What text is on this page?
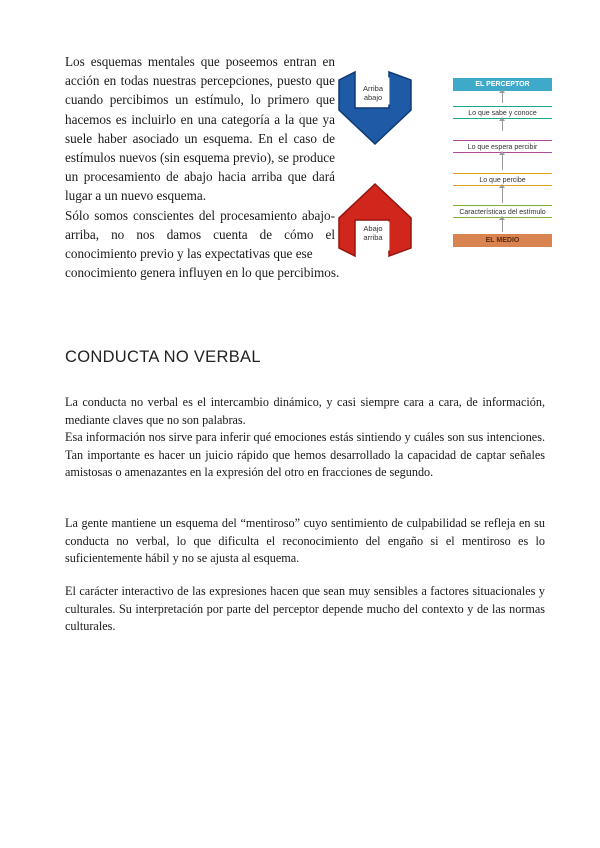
Los esquemas mentales que poseemos entran en acción en todas nuestras percepciones, puesto que cuando percibimos un estímulo, lo primero que hacemos es incluirlo en una categoría a la que ya suele haber asociado un esquema. En el caso de estímulos nuevos (sin esquema previo), se produce un procesamiento de abajo hacia arriba que dará lugar a un nuevo esquema.

Sólo somos conscientes del procesamiento abajo-arriba, no nos damos cuenta de cómo el conocimiento previo y las expectativas que ese

conocimiento genera influyen en lo que percibimos.

Arriba abajo
Abajo arriba
EL PERCEPTOR
Lo que sabe y conoce
Lo que espera percibir
Lo que percibe
Características del estímulo
EL MEDIO
CONDUCTA NO VERBAL

La conducta no verbal es el intercambio dinámico, y casi siempre cara a cara, de información, mediante claves que no son palabras.

Esa información nos sirve para inferir qué emociones estás sintiendo y cuáles son sus intenciones. Tan importante es hacer un juicio rápido que hemos desarrollado la capacidad de captar señales amistosas o amenazantes en la expresión del otro en fracciones de segundo.

La gente mantiene un esquema del “mentiroso” cuyo sentimiento de culpabilidad se refleja en su conducta no verbal, lo que dificulta el reconocimiento del engaño si el mentiroso es lo suficientemente hábil y no se ajusta al esquema.

El carácter interactivo de las expresiones hacen que sean muy sensibles a factores situacionales y culturales. Su interpretación por parte del perceptor depende mucho del contexto y de las normas culturales.
